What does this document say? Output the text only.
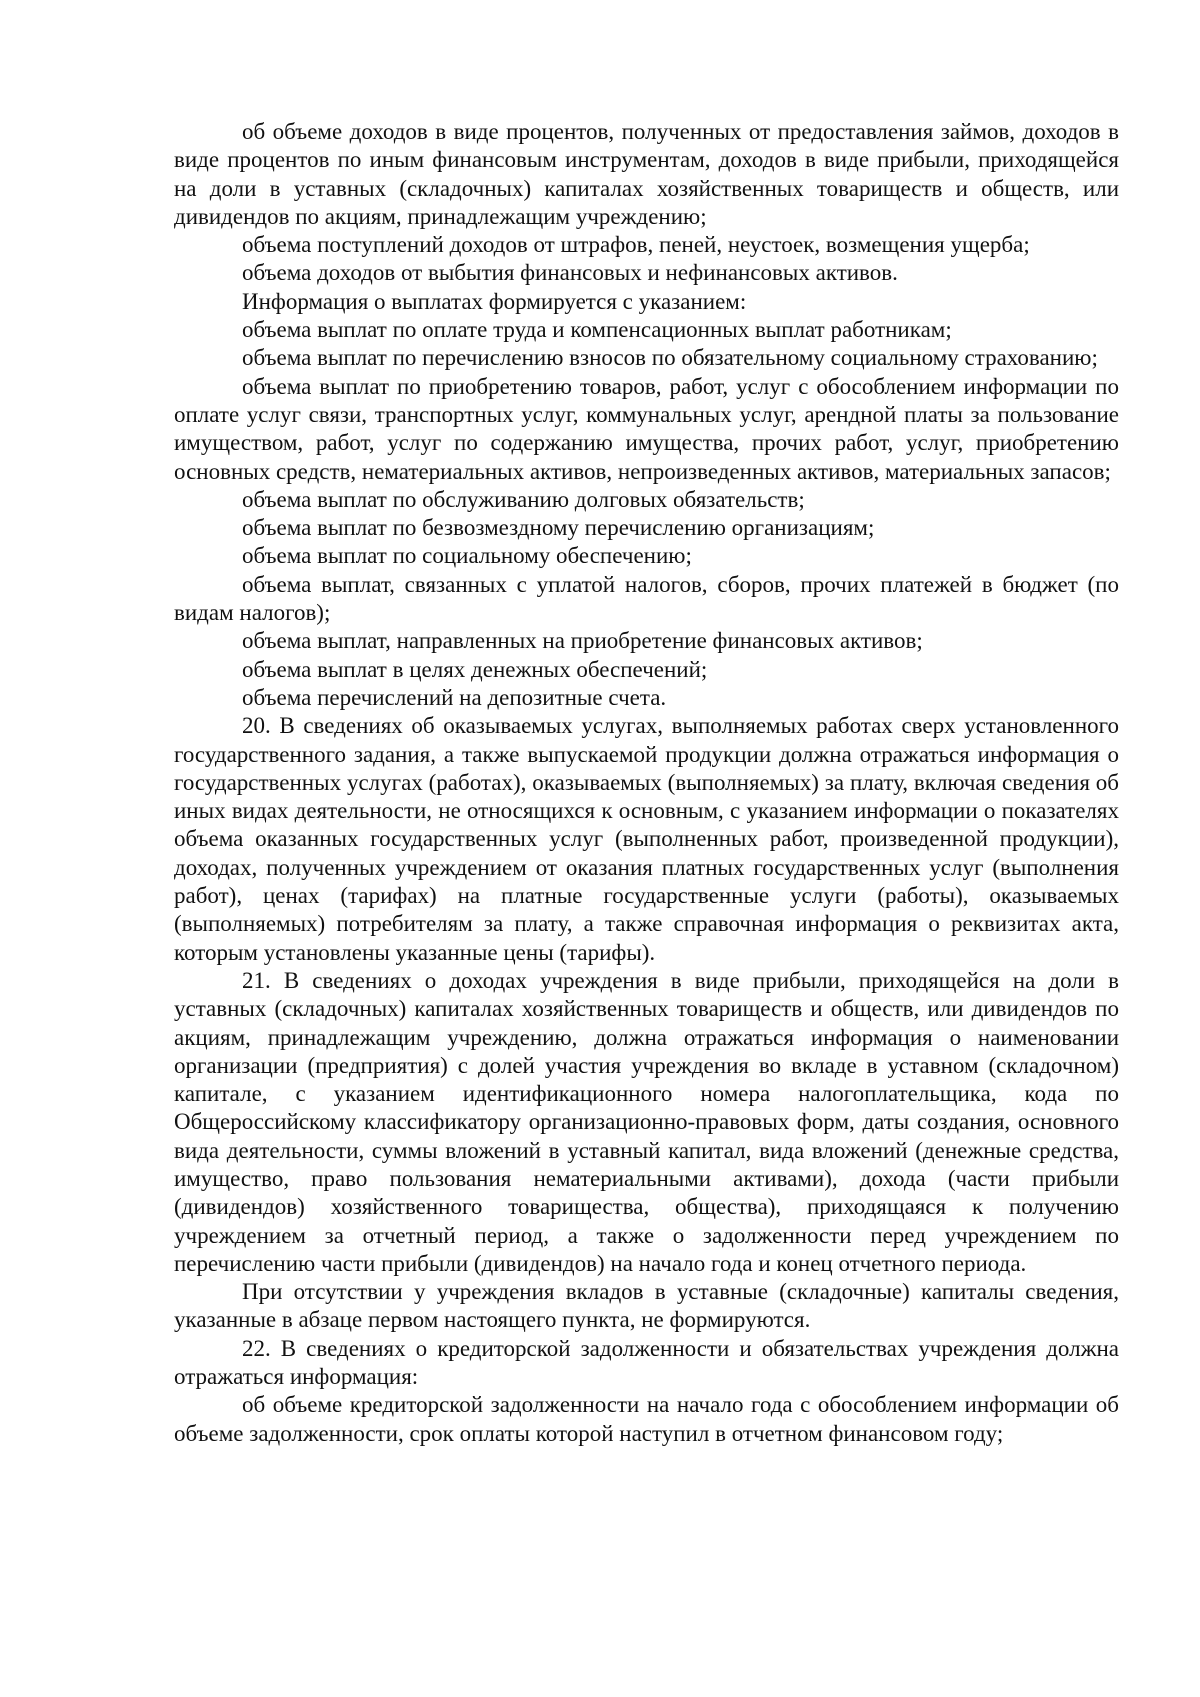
об объеме доходов в виде процентов, полученных от предоставления займов, доходов в виде процентов по иным финансовым инструментам, доходов в виде прибыли, приходящейся на доли в уставных (складочных) капиталах хозяйственных товариществ и обществ, или дивидендов по акциям, принадлежащим учреждению;

объема поступлений доходов от штрафов, пеней, неустоек, возмещения ущерба;

объема доходов от выбытия финансовых и нефинансовых активов.

Информация о выплатах формируется с указанием:

объема выплат по оплате труда и компенсационных выплат работникам;

объема выплат по перечислению взносов по обязательному социальному страхованию;

объема выплат по приобретению товаров, работ, услуг с обособлением информации по оплате услуг связи, транспортных услуг, коммунальных услуг, арендной платы за пользование имуществом, работ, услуг по содержанию имущества, прочих работ, услуг, приобретению основных средств, нематериальных активов, непроизведенных активов, материальных запасов;

объема выплат по обслуживанию долговых обязательств;

объема выплат по безвозмездному перечислению организациям;

объема выплат по социальному обеспечению;

объема выплат, связанных с уплатой налогов, сборов, прочих платежей в бюджет (по видам налогов);

объема выплат, направленных на приобретение финансовых активов;

объема выплат в целях денежных обеспечений;

объема перечислений на депозитные счета.

20. В сведениях об оказываемых услугах, выполняемых работах сверх установленного государственного задания, а также выпускаемой продукции должна отражаться информация о государственных услугах (работах), оказываемых (выполняемых) за плату, включая сведения об иных видах деятельности, не относящихся к основным, с указанием информации о показателях объема оказанных государственных услуг (выполненных работ, произведенной продукции), доходах, полученных учреждением от оказания платных государственных услуг (выполнения работ), ценах (тарифах) на платные государственные услуги (работы), оказываемых (выполняемых) потребителям за плату, а также справочная информация о реквизитах акта, которым установлены указанные цены (тарифы).

21. В сведениях о доходах учреждения в виде прибыли, приходящейся на доли в уставных (складочных) капиталах хозяйственных товариществ и обществ, или дивидендов по акциям, принадлежащим учреждению, должна отражаться информация о наименовании организации (предприятия) с долей участия учреждения во вкладе в уставном (складочном) капитале, с указанием идентификационного номера налогоплательщика, кода по Общероссийскому классификатору организационно-правовых форм, даты создания, основного вида деятельности, суммы вложений в уставный капитал, вида вложений (денежные средства, имущество, право пользования нематериальными активами), дохода (части прибыли (дивидендов) хозяйственного товарищества, общества), приходящаяся к получению учреждением за отчетный период, а также о задолженности перед учреждением по перечислению части прибыли (дивидендов) на начало года и конец отчетного периода.

При отсутствии у учреждения вкладов в уставные (складочные) капиталы сведения, указанные в абзаце первом настоящего пункта, не формируются.

22. В сведениях о кредиторской задолженности и обязательствах учреждения должна отражаться информация:

об объеме кредиторской задолженности на начало года с обособлением информации об объеме задолженности, срок оплаты которой наступил в отчетном финансовом году;
